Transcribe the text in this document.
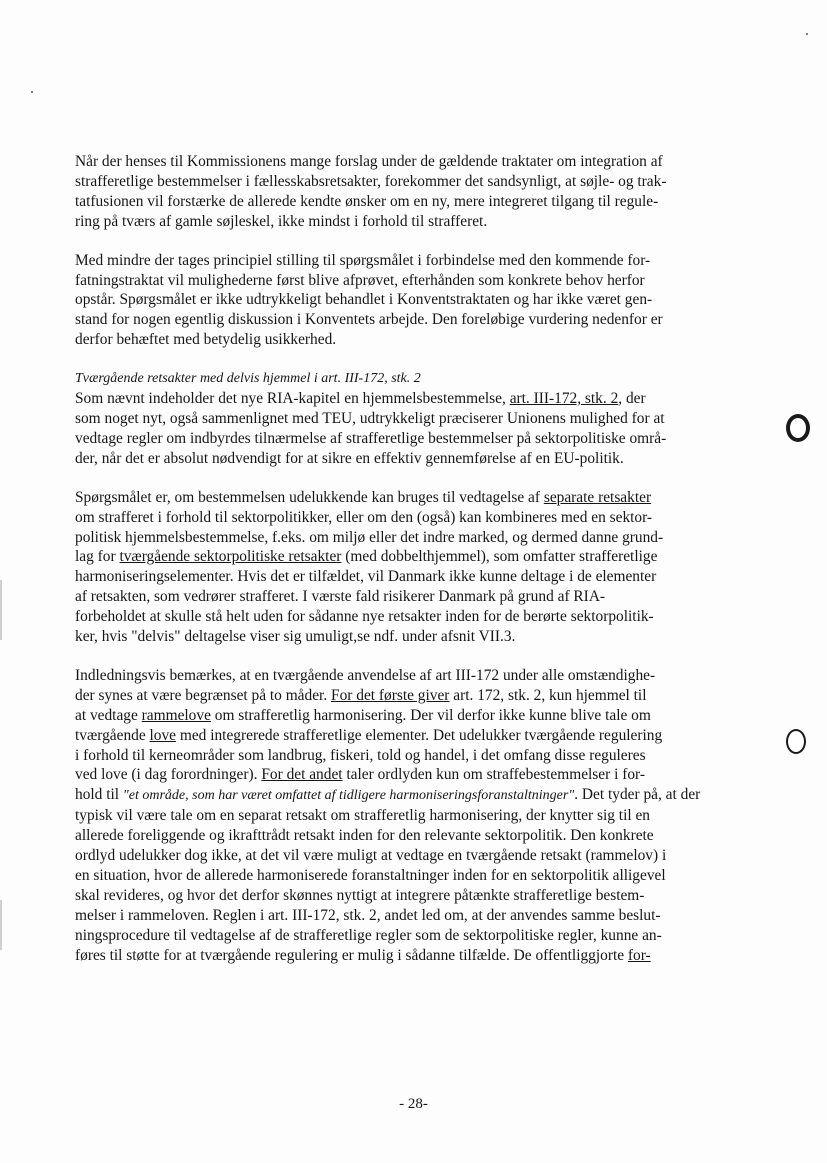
Når der henses til Kommissionens mange forslag under de gældende traktater om integration af
strafferetlige bestemmelser i fællesskabsretsakter, forekommer det sandsynligt, at søjle- og trak-
tatfusionen vil forstærke de allerede kendte ønsker om en ny, mere integreret tilgang til regule-
ring på tværs af gamle søjleskel, ikke mindst i forhold til strafferet.

Med mindre der tages principiel stilling til spørgsmålet i forbindelse med den kommende for-
fatningstraktat vil mulighederne først blive afprøvet, efterhånden som konkrete behov herfor
opstår. Spørgsmålet er ikke udtrykkeligt behandlet i Konventstraktaten og har ikke været gen-
stand for nogen egentlig diskussion i Konventets arbejde. Den foreløbige vurdering nedenfor er
derfor behæftet med betydelig usikkerhed.

Tværgående retsakter med delvis hjemmel i art. III-172, stk. 2
Som nævnt indeholder det nye RIA-kapitel en hjemmelsbestemmelse, art. III-172, stk. 2, der
som noget nyt, også sammenlignet med TEU, udtrykkeligt præciserer Unionens mulighed for at
vedtage regler om indbyrdes tilnærmelse af strafferetlige bestemmelser på sektorpolitiske områ-
der, når det er absolut nødvendigt for at sikre en effektiv gennemførelse af en EU-politik.

Spørgsmålet er, om bestemmelsen udelukkende kan bruges til vedtagelse af separate retsakter
om strafferet i forhold til sektorpolitikker, eller om den (også) kan kombineres med en sektor-
politisk hjemmelsbestemmelse, f.eks. om miljø eller det indre marked, og dermed danne grund-
lag for tværgående sektorpolitiske retsakter (med dobbelthjemmel), som omfatter strafferetlige
harmoniseringselementer. Hvis det er tilfældet, vil Danmark ikke kunne deltage i de elementer
af retsakten, som vedrører strafferet. I værste fald risikerer Danmark på grund af RIA-
forbeholdet at skulle stå helt uden for sådanne nye retsakter inden for de berørte sektorpolitik-
ker, hvis "delvis" deltagelse viser sig umuligt,se ndf. under afsnit VII.3.

Indledningsvis bemærkes, at en tværgående anvendelse af art III-172 under alle omstændighe-
der synes at være begrænset på to måder. For det første giver art. 172, stk. 2, kun hjemmel til
at vedtage rammelove om strafferetlig harmonisering. Der vil derfor ikke kunne blive tale om
tværgående love med integrerede strafferetlige elementer. Det udelukker tværgående regulering
i forhold til kerneområder som landbrug, fiskeri, told og handel, i det omfang disse reguleres
ved love (i dag forordninger). For det andet taler ordlyden kun om straffebestemmelser i for-
hold til "et område, som har været omfattet af tidligere harmoniseringsforanstaltninger". Det tyder på, at der
typisk vil være tale om en separat retsakt om strafferetlig harmonisering, der knytter sig til en
allerede foreliggende og ikrafttrådt retsakt inden for den relevante sektorpolitik. Den konkrete
ordlyd udelukker dog ikke, at det vil være muligt at vedtage en tværgående retsakt (rammelov) i
en situation, hvor de allerede harmoniserede foranstaltninger inden for en sektorpolitik alligevel
skal revideres, og hvor det derfor skønnes nyttigt at integrere påtænkte strafferetlige bestem-
melser i rammeloven. Reglen i art. III-172, stk. 2, andet led om, at der anvendes samme beslut-
ningsprocedure til vedtagelse af de strafferetlige regler som de sektorpolitiske regler, kunne an-
føres til støtte for at tværgående regulering er mulig i sådanne tilfælde. De offentliggjorte for-

- 28-
